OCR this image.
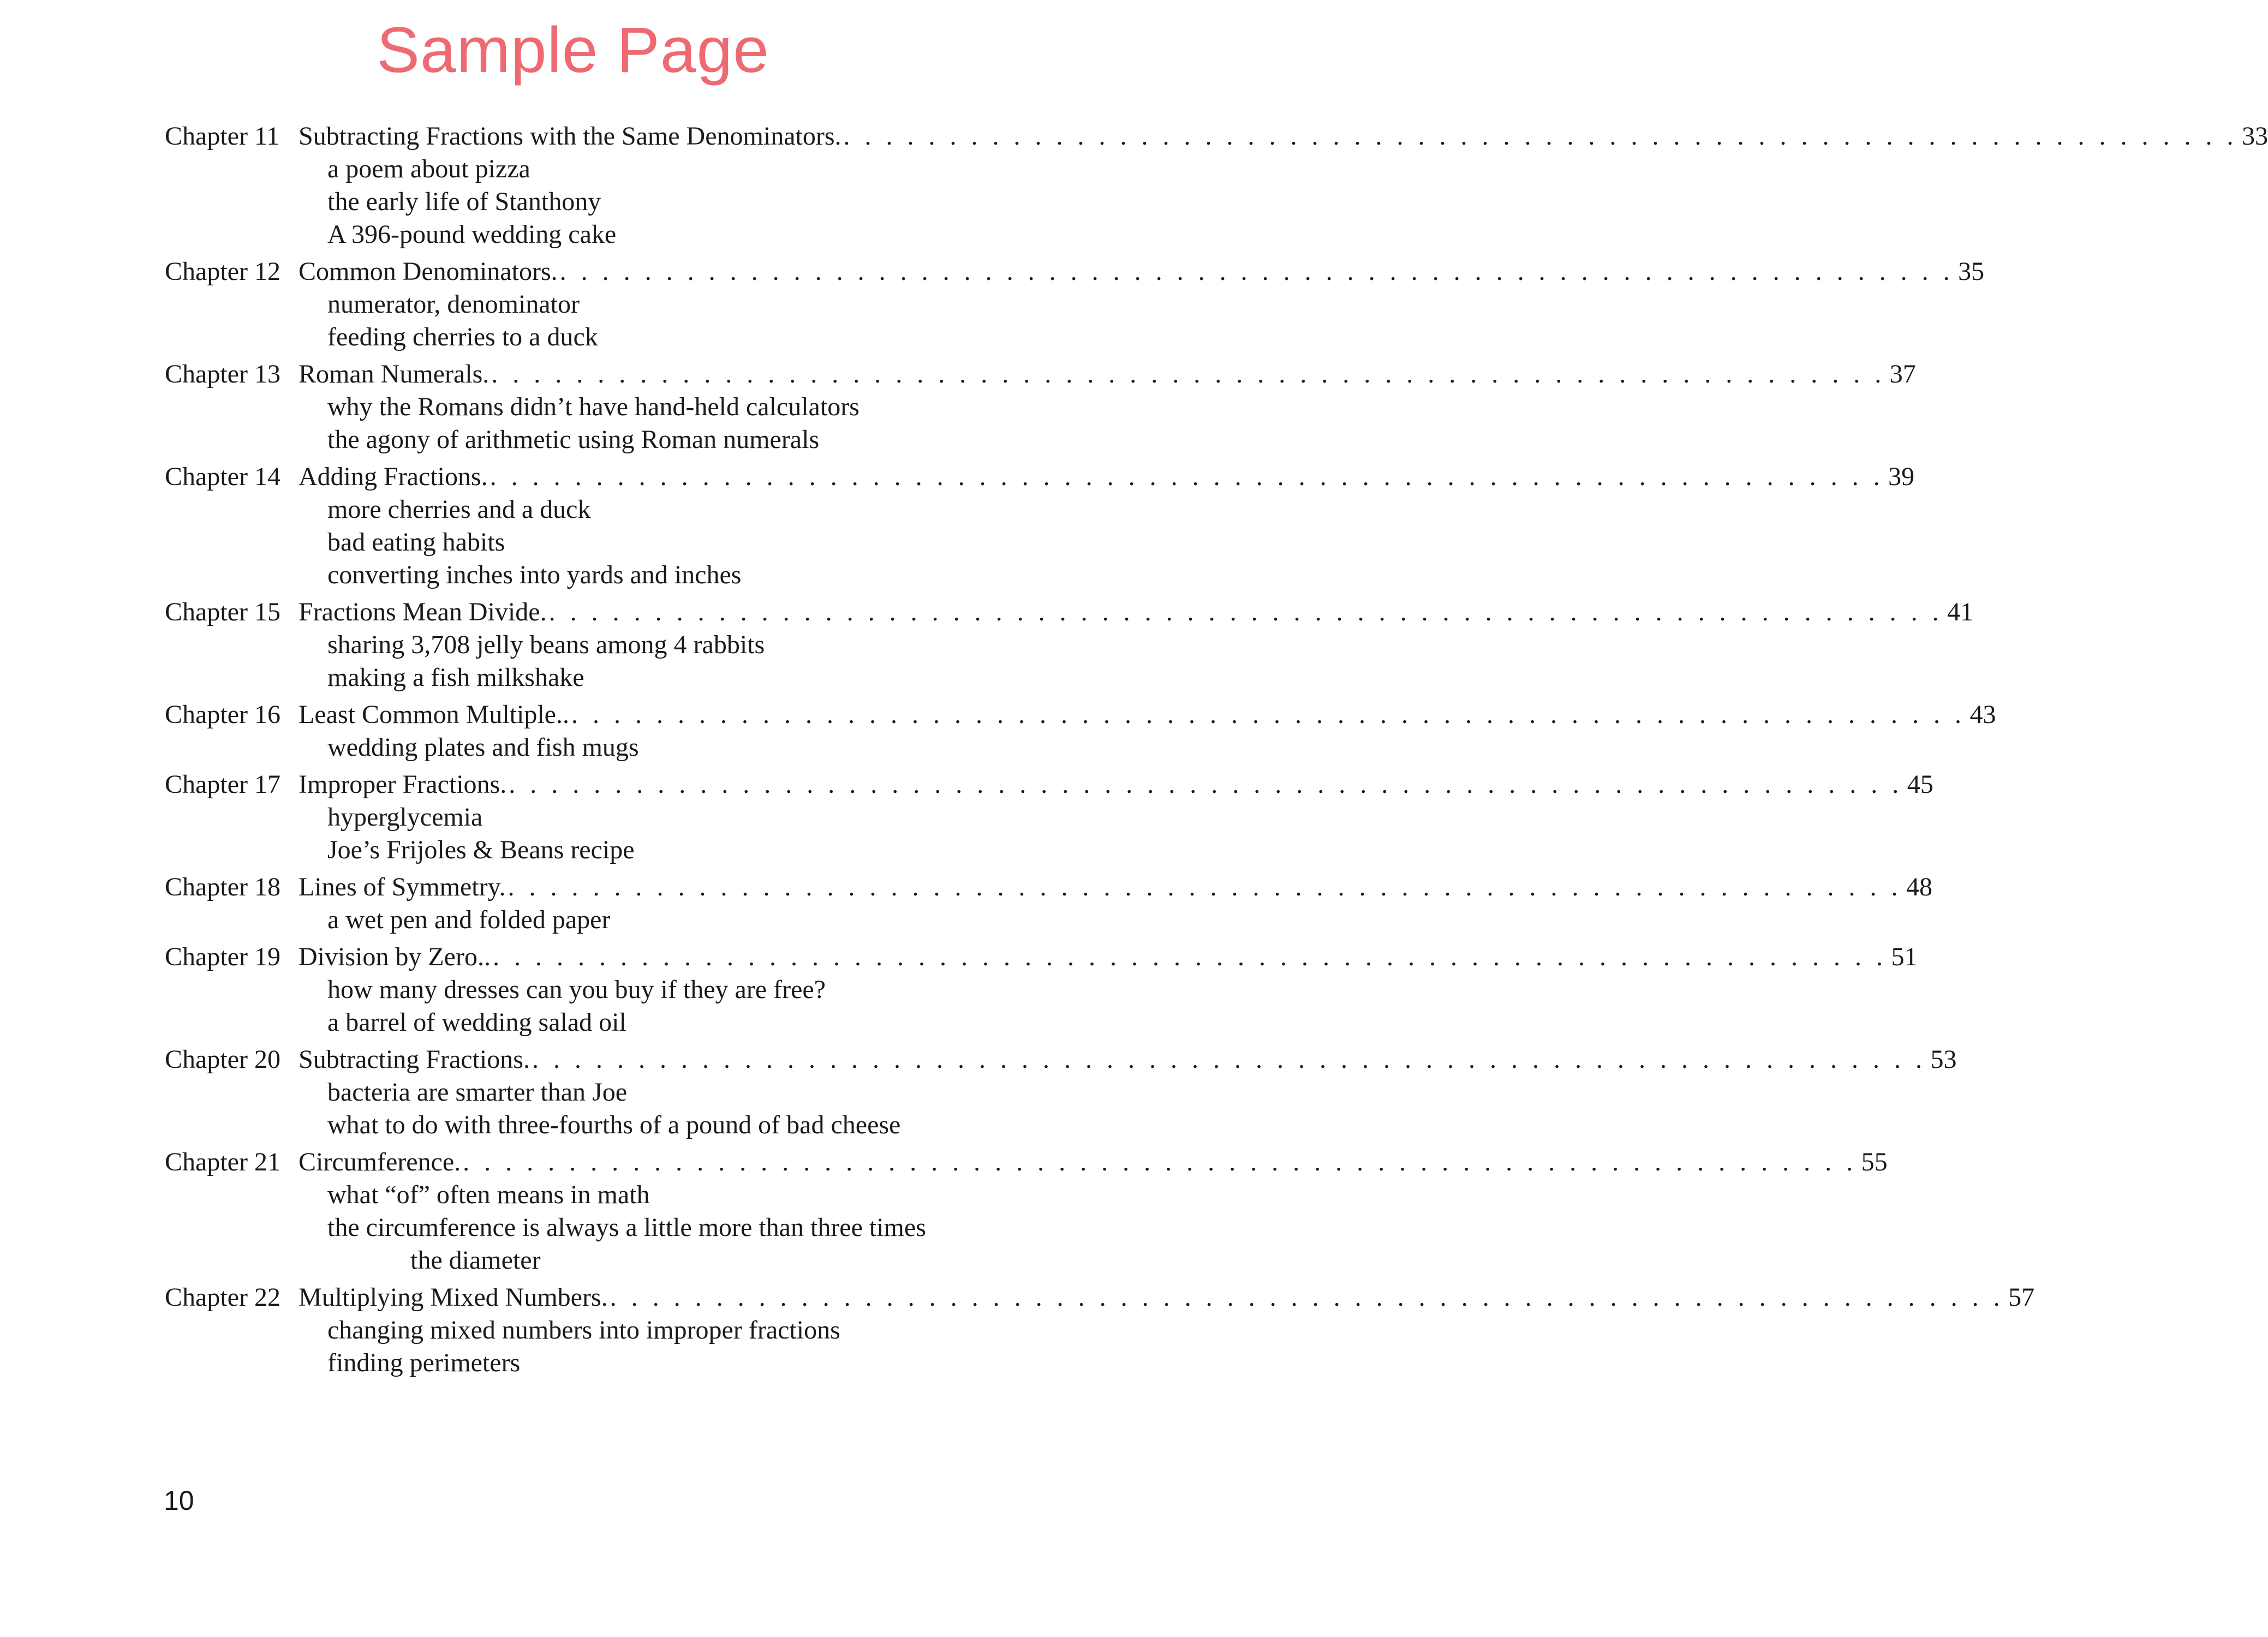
Sample Page
Chapter 11 Subtracting Fractions with the Same Denominators. . . . . . . . . . . . . . . . . . . . . . . . . . . . . . . . . . . . . . . . . . . . . . . . . . . . . . . . . . . . . . . . . . . 33
a poem about pizza
the early life of Stanthony
A 396-pound wedding cake
Chapter 12 Common Denominators. . . . . . . . . . . . . . . . . . . . . . . . . . . . . . . . . . . . . . . . . . . . . . . . . . . . . . . . . . . . . . . . . . . 35
numerator, denominator
feeding cherries to a duck
Chapter 13 Roman Numerals. . . . . . . . . . . . . . . . . . . . . . . . . . . . . . . . . . . . . . . . . . . . . . . . . . . . . . . . . . . . . . . . . . . 37
why the Romans didn’t have hand-held calculators
the agony of arithmetic using Roman numerals
Chapter 14 Adding Fractions. . . . . . . . . . . . . . . . . . . . . . . . . . . . . . . . . . . . . . . . . . . . . . . . . . . . . . . . . . . . . . . . . . . 39
more cherries and a duck
bad eating habits
converting inches into yards and inches
Chapter 15 Fractions Mean Divide. . . . . . . . . . . . . . . . . . . . . . . . . . . . . . . . . . . . . . . . . . . . . . . . . . . . . . . . . . . . . . . . . . . 41
sharing 3,708 jelly beans among 4 rabbits
making a fish milkshake
Chapter 16 Least Common Multiple.. . . . . . . . . . . . . . . . . . . . . . . . . . . . . . . . . . . . . . . . . . . . . . . . . . . . . . . . . . . . . . . . . . . 43
wedding plates and fish mugs
Chapter 17 Improper Fractions. . . . . . . . . . . . . . . . . . . . . . . . . . . . . . . . . . . . . . . . . . . . . . . . . . . . . . . . . . . . . . . . . . . 45
hyperglycemia
Joe’s Frijoles & Beans recipe
Chapter 18 Lines of Symmetry. . . . . . . . . . . . . . . . . . . . . . . . . . . . . . . . . . . . . . . . . . . . . . . . . . . . . . . . . . . . . . . . . . . 48
a wet pen and folded paper
Chapter 19 Division by Zero.. . . . . . . . . . . . . . . . . . . . . . . . . . . . . . . . . . . . . . . . . . . . . . . . . . . . . . . . . . . . . . . . . . . 51
how many dresses can you buy if they are free?
a barrel of wedding salad oil
Chapter 20 Subtracting Fractions. . . . . . . . . . . . . . . . . . . . . . . . . . . . . . . . . . . . . . . . . . . . . . . . . . . . . . . . . . . . . . . . . . . 53
bacteria are smarter than Joe
what to do with three-fourths of a pound of bad cheese
Chapter 21 Circumference. . . . . . . . . . . . . . . . . . . . . . . . . . . . . . . . . . . . . . . . . . . . . . . . . . . . . . . . . . . . . . . . . . . 55
what “of” often means in math
the circumference is always a little more than three times
the diameter
Chapter 22 Multiplying Mixed Numbers. . . . . . . . . . . . . . . . . . . . . . . . . . . . . . . . . . . . . . . . . . . . . . . . . . . . . . . . . . . . . . . . . . . 57
changing mixed numbers into improper fractions
finding perimeters
10
